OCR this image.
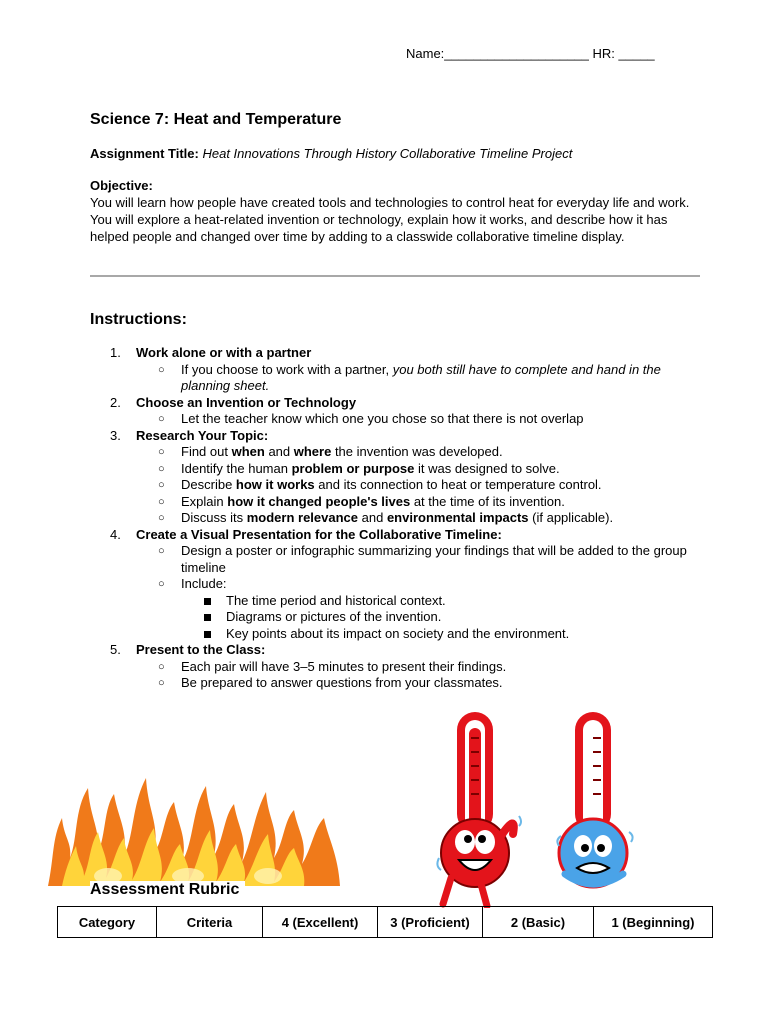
Name:____________________ HR: _____
Science 7: Heat and Temperature
Assignment Title: Heat Innovations Through History Collaborative Timeline Project
Objective:
You will learn how people have created tools and technologies to control heat for everyday life and work. You will explore a heat-related invention or technology, explain how it works, and describe how it has helped people and changed over time by adding to a classwide collaborative timeline display.
Instructions:
1. Work alone or with a partner
○	If you choose to work with a partner, you both still have to complete and hand in the planning sheet.
2. Choose an Invention or Technology
○	Let the teacher know which one you chose so that there is not overlap
3. Research Your Topic:
○	Find out when and where the invention was developed.
○	Identify the human problem or purpose it was designed to solve.
○	Describe how it works and its connection to heat or temperature control.
○	Explain how it changed people's lives at the time of its invention.
○	Discuss its modern relevance and environmental impacts (if applicable).
4. Create a Visual Presentation for the Collaborative Timeline:
○	Design a poster or infographic summarizing your findings that will be added to the group timeline
○	Include:
The time period and historical context.
Diagrams or pictures of the invention.
Key points about its impact on society and the environment.
5. Present to the Class:
○	Each pair will have 3–5 minutes to present their findings.
○	Be prepared to answer questions from your classmates.
Assessment Rubric
Category	Criteria	4 (Excellent)	3 (Proficient)	2 (Basic)	1 (Beginning)
